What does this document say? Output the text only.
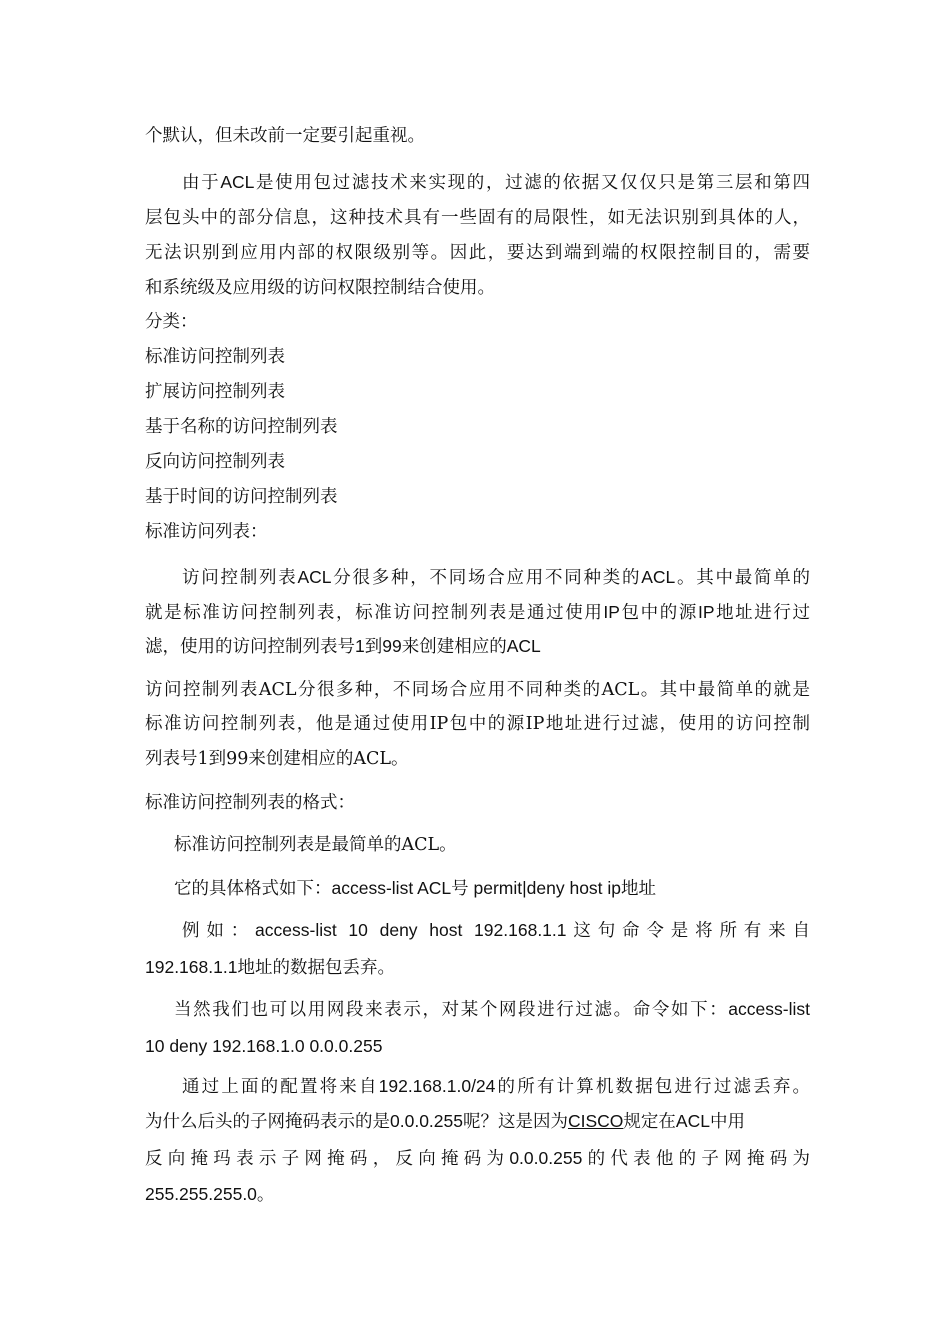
个默认，但未改前一定要引起重视。
由于ACL是使用包过滤技术来实现的，过滤的依据又仅仅只是第三层和第四
层包头中的部分信息，这种技术具有一些固有的局限性，如无法识别到具体的人，
无法识别到应用内部的权限级别等。因此，要达到端到端的权限控制目的，需要
和系统级及应用级的访问权限控制结合使用。
分类：
标准访问控制列表
扩展访问控制列表
基于名称的访问控制列表
反向访问控制列表
基于时间的访问控制列表
标准访问列表：
访问控制列表ACL分很多种，不同场合应用不同种类的ACL。其中最简单的
就是标准访问控制列表，标准访问控制列表是通过使用IP包中的源IP地址进行过
滤，使用的访问控制列表号1到99来创建相应的ACL
访问控制列表ACL分很多种，不同场合应用不同种类的ACL。其中最简单的就是
标准访问控制列表，他是通过使用IP包中的源IP地址进行过滤，使用的访问控制
列表号1到99来创建相应的ACL。
标准访问控制列表的格式：
标准访问控制列表是最简单的ACL。
它的具体格式如下：access-list ACL号 permit|deny host ip地址
例如：access-list 10 deny host 192.168.1.1这句命令是将所有来自
192.168.1.1地址的数据包丢弃。
当然我们也可以用网段来表示，对某个网段进行过滤。命令如下：access-list
10 deny 192.168.1.0 0.0.0.255
通过上面的配置将来自192.168.1.0/24的所有计算机数据包进行过滤丢弃。
为什么后头的子网掩码表示的是0.0.0.255呢？这是因为CISCO规定在ACL中用
反向掩玛表示子网掩码，反向掩码为0.0.0.255的代表他的子网掩码为
255.255.255.0。
